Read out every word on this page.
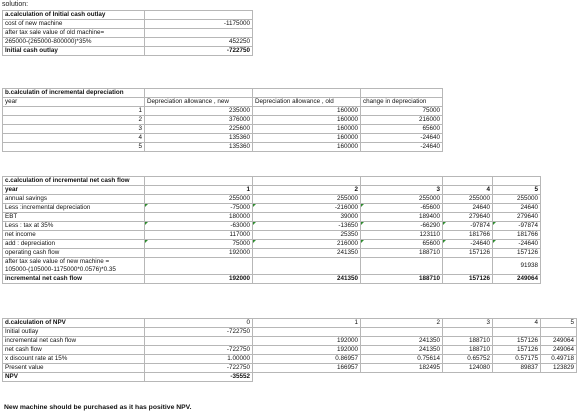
solution:
a.calculation of Initial cash outlay	
cost of new machine	-1175000
after tax sale value of old machine=	
265000-(265000-800000)*35%	452250
Initial cash outlay	-722750
b.calculatin of incremental depreciation			
year	Depreciation allowance , new	Depreciation allowance , old	change in depreciation
1	235000	160000	75000
2	376000	160000	216000
3	225600	160000	65600
4	135360	160000	-24640
5	135360	160000	-24640
c.calculation of incremental net cash flow					
year	1	2	3	4	5
annual savings	255000	255000	255000	255000	255000
Less :incremental depreciation	-75000	-216000	-65600	24640	24640
EBT	180000	39000	189400	279640	279640
Less : tax at 35%	-63000	-13650	-66290	-97874	-97874
net income	117000	25350	123110	181766	181766
add : depreciation	75000	216000	65600	-24640	-24640
operating cash flow	192000	241350	188710	157126	157126
after tax sale value of new machine =
105000-(105000-1175000*0.0576)*0.35					91938
incremental net cash flow	192000	241350	188710	157126	249064
d.calculation of NPV	0	1	2	3	4	5
Initial outlay	-722750					
incremental net cash flow		192000	241350	188710	157126	249064
net cash flow	-722750	192000	241350	188710	157126	249064
x discount rate at 15%	1.00000	0.86957	0.75614	0.65752	0.57175	0.49718
Present value	-722750	166957	182495	124080	89837	123829
NPV	-35552					
New machine should be purchased as it has positive NPV.
